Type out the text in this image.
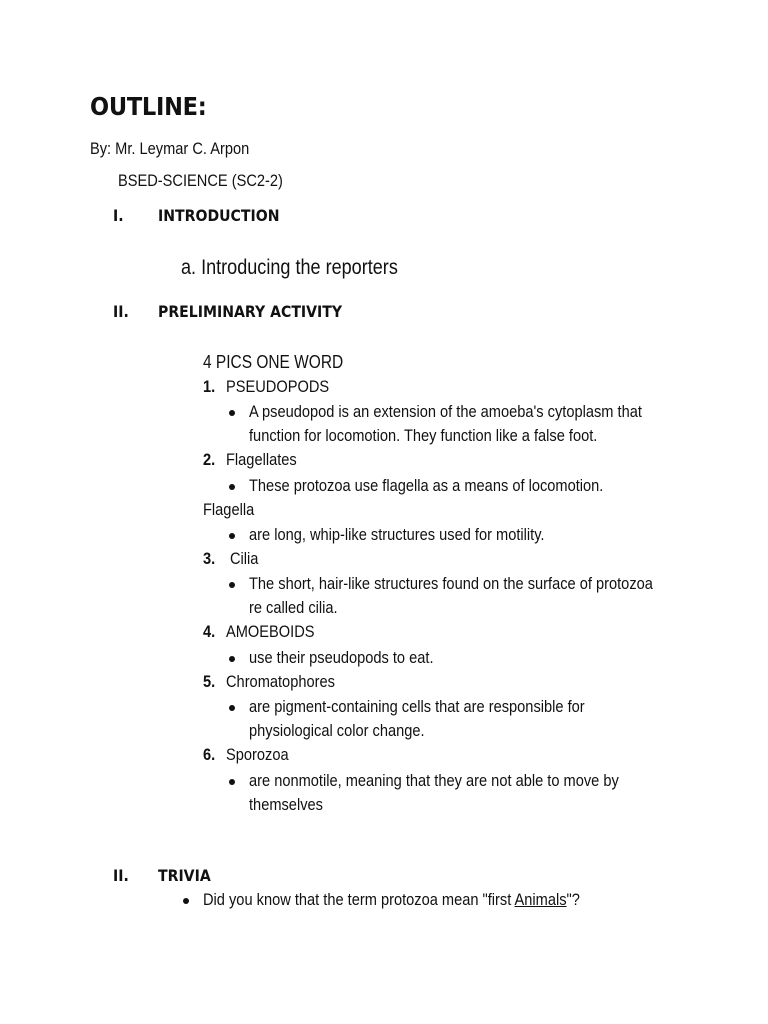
OUTLINE:
By: Mr. Leymar C. Arpon
BSED-SCIENCE (SC2-2)
I. INTRODUCTION
a. Introducing the reporters
II. PRELIMINARY ACTIVITY
4 PICS ONE WORD
1. PSEUDOPODS
A pseudopod is an extension of the amoeba's cytoplasm that
function for locomotion. They function like a false foot.
2. Flagellates
These protozoa use flagella as a means of locomotion.
Flagella
are long, whip-like structures used for motility.
3. Cilia
The short, hair-like structures found on the surface of protozoa
re called cilia.
4. AMOEBOIDS
use their pseudopods to eat.
5. Chromatophores
are pigment-containing cells that are responsible for
physiological color change.
6. Sporozoa
are nonmotile, meaning that they are not able to move by
themselves
II. TRIVIA
Did you know that the term protozoa mean "first Animals"?
